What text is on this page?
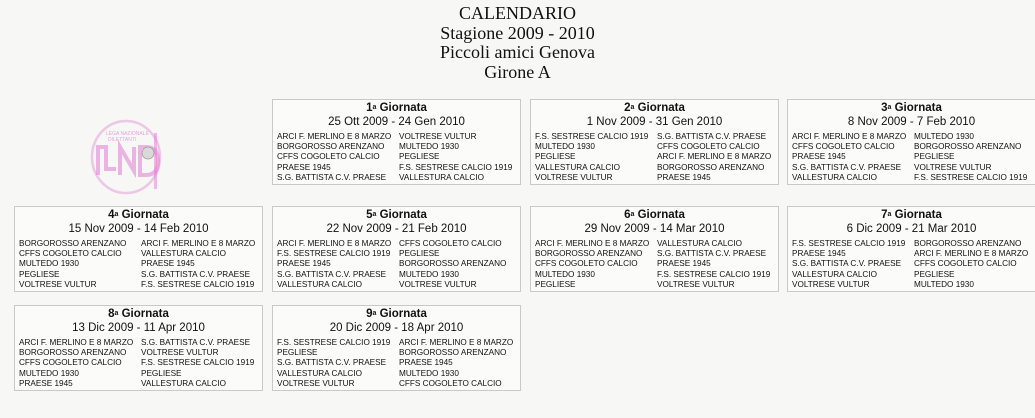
CALENDARIO
Stagione 2009 - 2010
Piccoli amici Genova
Girone A
LEGA NAZIONALE
DILETTANTI
1$^a$ Giornata
25 Ott 2009 - 24 Gen 2010
ARCI F. MERLINO E 8 MARZO
BORGOROSSO ARENZANO
CFFS COGOLETO CALCIO
PRAESE 1945
S.G. BATTISTA C.V. PRAESE
VOLTRESE VULTUR
MULTEDO 1930
PEGLIESE
F.S. SESTRESE CALCIO 1919
VALLESTURA CALCIO
2$^a$ Giornata
1 Nov 2009 - 31 Gen 2010
F.S. SESTRESE CALCIO 1919
MULTEDO 1930
PEGLIESE
VALLESTURA CALCIO
VOLTRESE VULTUR
S.G. BATTISTA C.V. PRAESE
CFFS COGOLETO CALCIO
ARCI F. MERLINO E 8 MARZO
BORGOROSSO ARENZANO
PRAESE 1945
3$^a$ Giornata
8 Nov 2009 - 7 Feb 2010
ARCI F. MERLINO E 8 MARZO
CFFS COGOLETO CALCIO
PRAESE 1945
S.G. BATTISTA C.V. PRAESE
VALLESTURA CALCIO
MULTEDO 1930
BORGOROSSO ARENZANO
PEGLIESE
VOLTRESE VULTUR
F.S. SESTRESE CALCIO 1919
4$^a$ Giornata
15 Nov 2009 - 14 Feb 2010
BORGOROSSO ARENZANO
CFFS COGOLETO CALCIO
MULTEDO 1930
PEGLIESE
VOLTRESE VULTUR
ARCI F. MERLINO E 8 MARZO
VALLESTURA CALCIO
PRAESE 1945
S.G. BATTISTA C.V. PRAESE
F.S. SESTRESE CALCIO 1919
5$^a$ Giornata
22 Nov 2009 - 21 Feb 2010
ARCI F. MERLINO E 8 MARZO
F.S. SESTRESE CALCIO 1919
PRAESE 1945
S.G. BATTISTA C.V. PRAESE
VALLESTURA CALCIO
CFFS COGOLETO CALCIO
PEGLIESE
BORGOROSSO ARENZANO
MULTEDO 1930
VOLTRESE VULTUR
6$^a$ Giornata
29 Nov 2009 - 14 Mar 2010
ARCI F. MERLINO E 8 MARZO
BORGOROSSO ARENZANO
CFFS COGOLETO CALCIO
MULTEDO 1930
PEGLIESE
VALLESTURA CALCIO
S.G. BATTISTA C.V. PRAESE
PRAESE 1945
F.S. SESTRESE CALCIO 1919
VOLTRESE VULTUR
7$^a$ Giornata
6 Dic 2009 - 21 Mar 2010
F.S. SESTRESE CALCIO 1919
PRAESE 1945
S.G. BATTISTA C.V. PRAESE
VALLESTURA CALCIO
VOLTRESE VULTUR
BORGOROSSO ARENZANO
ARCI F. MERLINO E 8 MARZO
CFFS COGOLETO CALCIO
PEGLIESE
MULTEDO 1930
8$^a$ Giornata
13 Dic 2009 - 11 Apr 2010
ARCI F. MERLINO E 8 MARZO
BORGOROSSO ARENZANO
CFFS COGOLETO CALCIO
MULTEDO 1930
PRAESE 1945
S.G. BATTISTA C.V. PRAESE
VOLTRESE VULTUR
F.S. SESTRESE CALCIO 1919
PEGLIESE
VALLESTURA CALCIO
9$^a$ Giornata
20 Dic 2009 - 18 Apr 2010
F.S. SESTRESE CALCIO 1919
PEGLIESE
S.G. BATTISTA C.V. PRAESE
VALLESTURA CALCIO
VOLTRESE VULTUR
ARCI F. MERLINO E 8 MARZO
BORGOROSSO ARENZANO
PRAESE 1945
MULTEDO 1930
CFFS COGOLETO CALCIO
